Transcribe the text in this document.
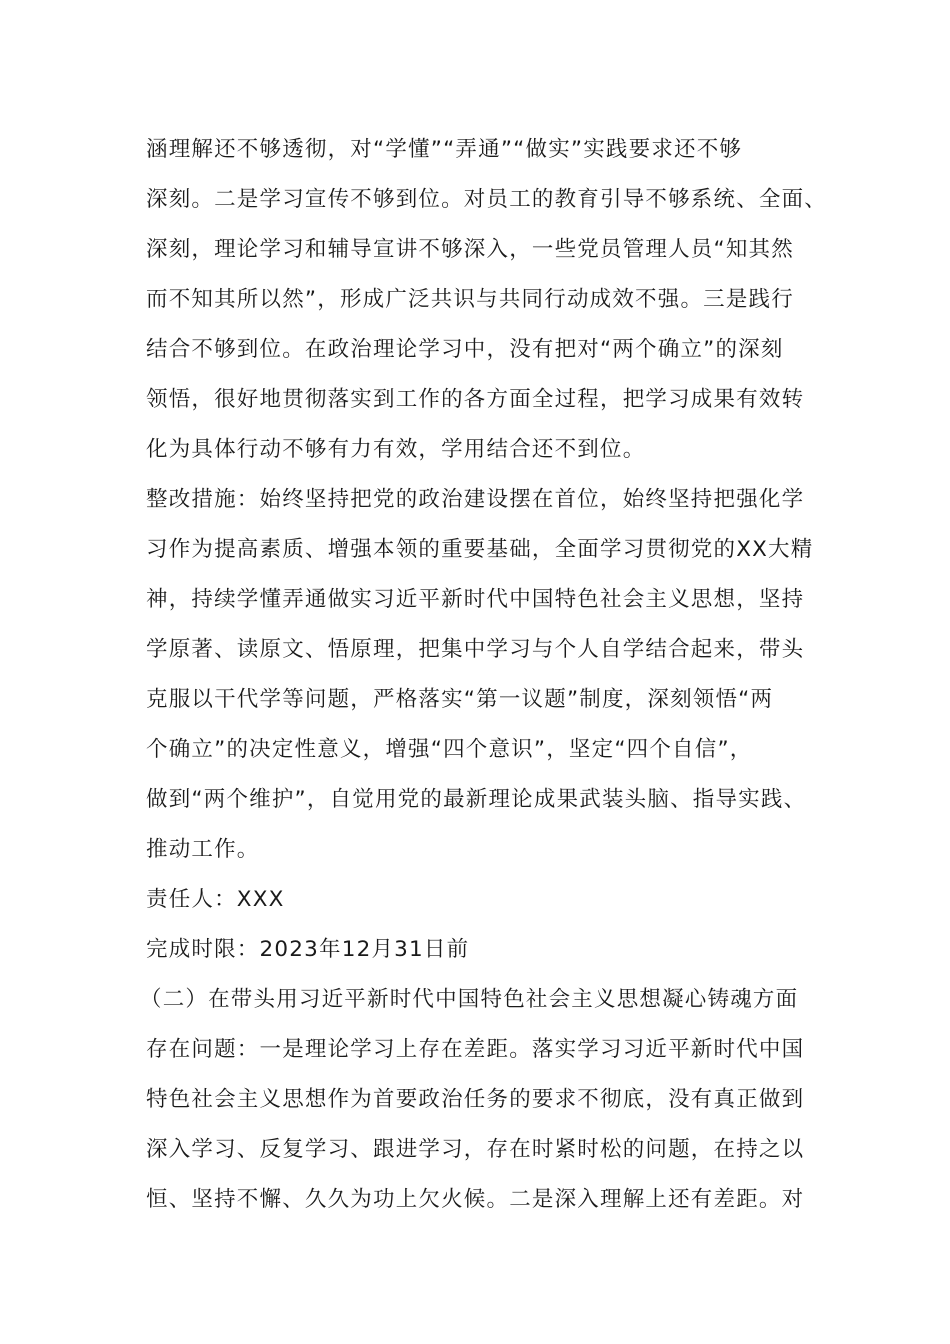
涵理解还不够透彻，对“学懂”“弄通”“做实”实践要求还不够
深刻。二是学习宣传不够到位。对员工的教育引导不够系统、全面、
深刻，理论学习和辅导宣讲不够深入，一些党员管理人员“知其然
而不知其所以然”，形成广泛共识与共同行动成效不强。三是践行
结合不够到位。在政治理论学习中，没有把对“两个确立”的深刻
领悟，很好地贯彻落实到工作的各方面全过程，把学习成果有效转
化为具体行动不够有力有效，学用结合还不到位。
整改措施：始终坚持把党的政治建设摆在首位，始终坚持把强化学
习作为提高素质、增强本领的重要基础，全面学习贯彻党的XX大精
神，持续学懂弄通做实习近平新时代中国特色社会主义思想，坚持
学原著、读原文、悟原理，把集中学习与个人自学结合起来，带头
克服以干代学等问题，严格落实“第一议题”制度，深刻领悟“两
个确立”的决定性意义，增强“四个意识”，坚定“四个自信”，
做到“两个维护”，自觉用党的最新理论成果武装头脑、指导实践、
推动工作。
责任人：XXX
完成时限：2023年12月31日前
（二）在带头用习近平新时代中国特色社会主义思想凝心铸魂方面
存在问题：一是理论学习上存在差距。落实学习习近平新时代中国
特色社会主义思想作为首要政治任务的要求不彻底，没有真正做到
深入学习、反复学习、跟进学习，存在时紧时松的问题，在持之以
恒、坚持不懈、久久为功上欠火候。二是深入理解上还有差距。对
